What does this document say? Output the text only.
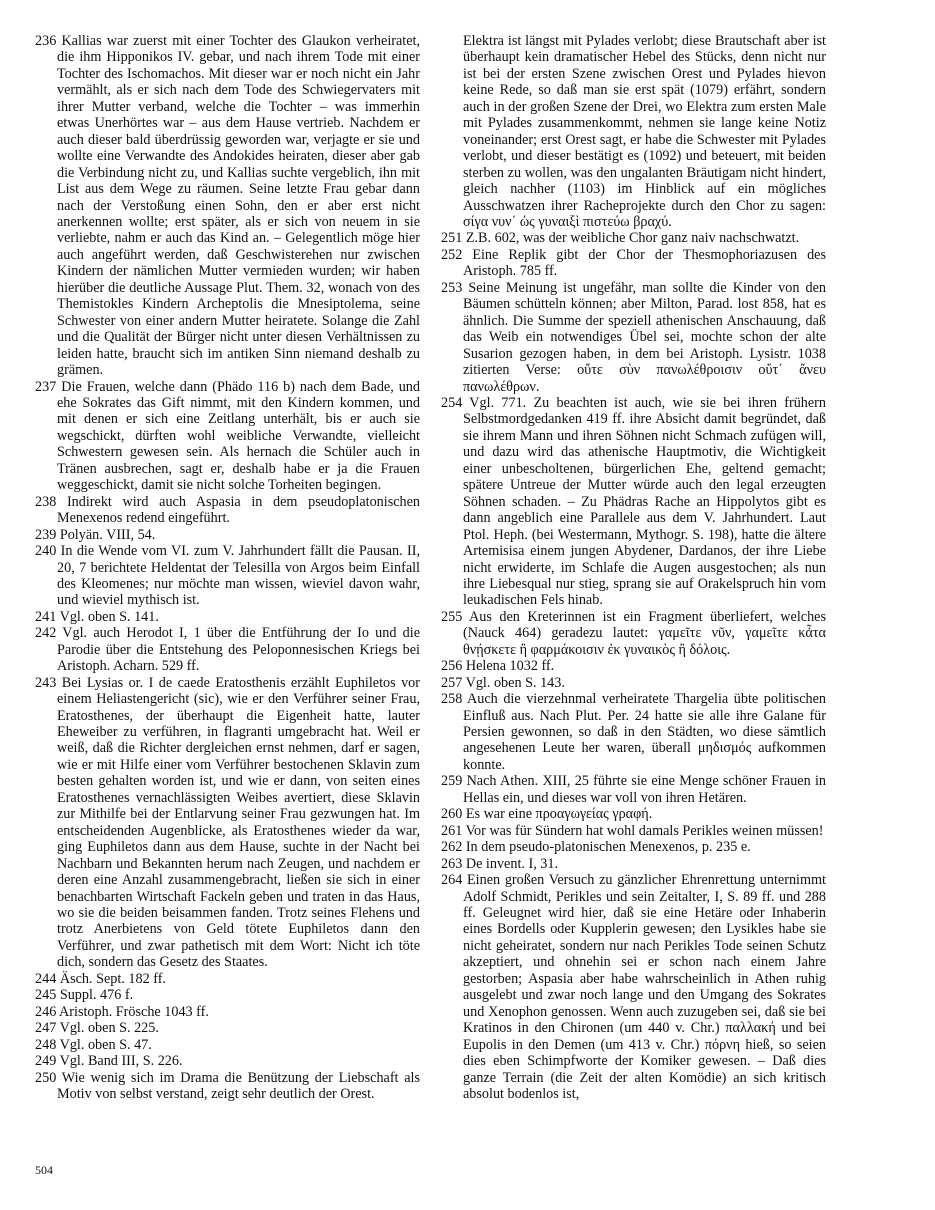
236 Kallias war zuerst mit einer Tochter des Glaukon verheiratet, die ihm Hipponikos IV. gebar, und nach ihrem Tode mit einer Tochter des Ischomachos. Mit dieser war er noch nicht ein Jahr vermählt, als er sich nach dem Tode des Schwiegervaters mit ihrer Mutter verband, welche die Tochter – was immerhin etwas Unerhörtes war – aus dem Hause vertrieb. Nachdem er auch dieser bald überdrüssig geworden war, verjagte er sie und wollte eine Verwandte des Andokides heiraten, dieser aber gab die Verbindung nicht zu, und Kallias suchte vergeblich, ihn mit List aus dem Wege zu räumen. Seine letzte Frau gebar dann nach der Verstoßung einen Sohn, den er aber erst nicht anerkennen wollte; erst später, als er sich von neuem in sie verliebte, nahm er auch das Kind an. – Gelegentlich möge hier auch angeführt werden, daß Geschwisterehen nur zwischen Kindern der nämlichen Mutter vermieden wurden; wir haben hierüber die deutliche Aussage Plut. Them. 32, wonach von des Themistokles Kindern Archeptolis die Mnesiptolema, seine Schwester von einer andern Mutter heiratete. Solange die Zahl und die Qualität der Bürger nicht unter diesen Verhältnissen zu leiden hatte, braucht sich im antiken Sinn niemand deshalb zu grämen.

237 Die Frauen, welche dann (Phädo 116 b) nach dem Bade, und ehe Sokrates das Gift nimmt, mit den Kindern kommen, und mit denen er sich eine Zeitlang unterhält, bis er auch sie wegschickt, dürften wohl weibliche Verwandte, vielleicht Schwestern gewesen sein. Als hernach die Schüler auch in Tränen ausbrechen, sagt er, deshalb habe er ja die Frauen weggeschickt, damit sie nicht solche Torheiten begingen.

238 Indirekt wird auch Aspasia in dem pseudoplatonischen Menexenos redend eingeführt.

239 Polyän. VIII, 54.

240 In die Wende vom VI. zum V. Jahrhundert fällt die Pausan. II, 20, 7 berichtete Heldentat der Telesilla von Argos beim Einfall des Kleomenes; nur möchte man wissen, wieviel davon wahr, und wieviel mythisch ist.

241 Vgl. oben S. 141.

242 Vgl. auch Herodot I, 1 über die Entführung der Io und die Parodie über die Entstehung des Peloponnesischen Kriegs bei Aristoph. Acharn. 529 ff.

243 Bei Lysias or. I de caede Eratosthenis erzählt Euphiletos vor einem Heliastengericht (sic), wie er den Verführer seiner Frau, Eratosthenes, der überhaupt die Eigenheit hatte, lauter Eheweiber zu verführen, in flagranti umgebracht hat. Weil er weiß, daß die Richter dergleichen ernst nehmen, darf er sagen, wie er mit Hilfe einer vom Verführer bestochenen Sklavin zum besten gehalten worden ist, und wie er dann, von seiten eines Eratosthenes vernachlässigten Weibes avertiert, diese Sklavin zur Mithilfe bei der Entlarvung seiner Frau gezwungen hat. Im entscheidenden Augenblicke, als Eratosthenes wieder da war, ging Euphiletos dann aus dem Hause, suchte in der Nacht bei Nachbarn und Bekannten herum nach Zeugen, und nachdem er deren eine Anzahl zusammengebracht, ließen sie sich in einer benachbarten Wirtschaft Fackeln geben und traten in das Haus, wo sie die beiden beisammen fanden. Trotz seines Flehens und trotz Anerbietens von Geld tötete Euphiletos dann den Verführer, und zwar pathetisch mit dem Wort: Nicht ich töte dich, sondern das Gesetz des Staates.

244 Äsch. Sept. 182 ff.

245 Suppl. 476 f.

246 Aristoph. Frösche 1043 ff.

247 Vgl. oben S. 225.

248 Vgl. oben S. 47.

249 Vgl. Band III, S. 226.

250 Wie wenig sich im Drama die Benützung der Liebschaft als Motiv von selbst verstand, zeigt sehr deutlich der Orest.

Elektra ist längst mit Pylades verlobt; diese Brautschaft aber ist überhaupt kein dramatischer Hebel des Stücks, denn nicht nur ist bei der ersten Szene zwischen Orest und Pylades hievon keine Rede, so daß man sie erst spät (1079) erfährt, sondern auch in der großen Szene der Drei, wo Elektra zum ersten Male mit Pylades zusammenkommt, nehmen sie lange keine Notiz voneinander; erst Orest sagt, er habe die Schwester mit Pylades verlobt, und dieser bestätigt es (1092) und beteuert, mit beiden sterben zu wollen, was den ungalanten Bräutigam nicht hindert, gleich nachher (1103) im Hinblick auf ein mögliches Ausschwatzen ihrer Racheprojekte durch den Chor zu sagen: σίγα νυν΄ ὡς γυναιξὶ πιστεύω βραχύ.

251 Z.B. 602, was der weibliche Chor ganz naiv nachschwatzt.

252 Eine Replik gibt der Chor der Thesmophoriazusen des Aristoph. 785 ff.

253 Seine Meinung ist ungefähr, man sollte die Kinder von den Bäumen schütteln können; aber Milton, Parad. lost 858, hat es ähnlich. Die Summe der speziell athenischen Anschauung, daß das Weib ein notwendiges Übel sei, mochte schon der alte Susarion gezogen haben, in dem bei Aristoph. Lysistr. 1038 zitierten Verse: οὔτε σὺν πανωλέθροισιν οὔτ΄ ἄνευ πανωλέθρων.

254 Vgl. 771. Zu beachten ist auch, wie sie bei ihren frühern Selbstmordgedanken 419 ff. ihre Absicht damit begründet, daß sie ihrem Mann und ihren Söhnen nicht Schmach zufügen will, und dazu wird das athenische Hauptmotiv, die Wichtigkeit einer unbescholtenen, bürgerlichen Ehe, geltend gemacht; spätere Untreue der Mutter würde auch den legal erzeugten Söhnen schaden. – Zu Phädras Rache an Hippolytos gibt es dann angeblich eine Parallele aus dem V. Jahrhundert. Laut Ptol. Heph. (bei Westermann, Mythogr. S. 198), hatte die ältere Artemisisa einem jungen Abydener, Dardanos, der ihre Liebe nicht erwiderte, im Schlafe die Augen ausgestochen; als nun ihre Liebesqual nur stieg, sprang sie auf Orakelspruch hin vom leukadischen Fels hinab.

255 Aus den Kreterinnen ist ein Fragment überliefert, welches (Nauck 464) geradezu lautet: γαμεῖτε νῦν, γαμεῖτε κἆτα θνῄσκετε ἢ φαρμάκοισιν ἐκ γυναικὸς ἢ δόλοις.

256 Helena 1032 ff.

257 Vgl. oben S. 143.

258 Auch die vierzehnmal verheiratete Thargelia übte politischen Einfluß aus. Nach Plut. Per. 24 hatte sie alle ihre Galane für Persien gewonnen, so daß in den Städten, wo diese sämtlich angesehenen Leute her waren, überall μηδισμός aufkommen konnte.

259 Nach Athen. XIII, 25 führte sie eine Menge schöner Frauen in Hellas ein, und dieses war voll von ihren Hetären.

260 Es war eine προαγωγείας γραφή.

261 Vor was für Sündern hat wohl damals Perikles weinen müssen!

262 In dem pseudo-platonischen Menexenos, p. 235 e.

263 De invent. I, 31.

264 Einen großen Versuch zu gänzlicher Ehrenrettung unternimmt Adolf Schmidt, Perikles und sein Zeitalter, I, S. 89 ff. und 288 ff. Geleugnet wird hier, daß sie eine Hetäre oder Inhaberin eines Bordells oder Kupplerin gewesen; den Lysikles habe sie nicht geheiratet, sondern nur nach Perikles Tode seinen Schutz akzeptiert, und ohnehin sei er schon nach einem Jahre gestorben; Aspasia aber habe wahrscheinlich in Athen ruhig ausgelebt und zwar noch lange und den Umgang des Sokrates und Xenophon genossen. Wenn auch zuzugeben sei, daß sie bei Kratinos in den Chironen (um 440 v. Chr.) παλλακή und bei Eupolis in den Demen (um 413 v. Chr.) πόρνη hieß, so seien dies eben Schimpfworte der Komiker gewesen. – Daß dies ganze Terrain (die Zeit der alten Komödie) an sich kritisch absolut bodenlos ist,

504
